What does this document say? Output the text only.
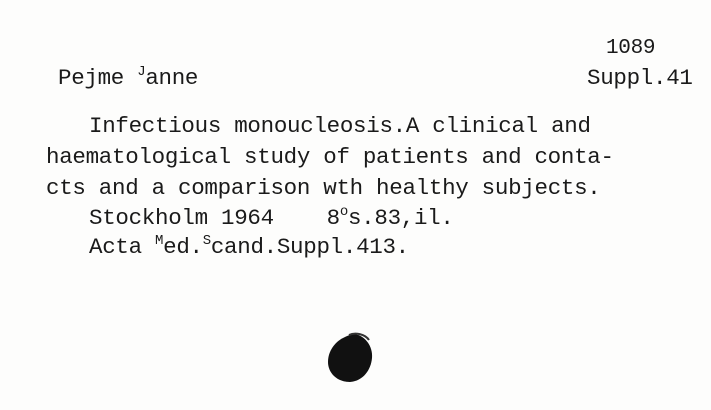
1089
Pejme $^J$anne	Suppl.41
Infectious monoucleosis.A clinical and
haematological study of patients and conta-
cts and a comparison wth healthy subjects.
Stockholm 1964 8$^o$s.83,il.
Acta $^M$ed.$^S$cand.Suppl.413.
